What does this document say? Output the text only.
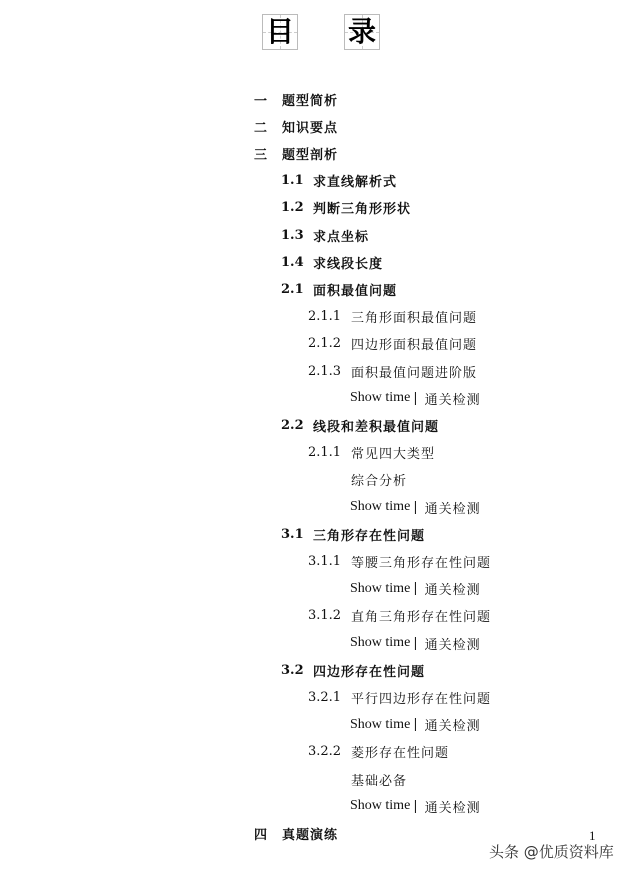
目 录
一	题型简析
二	知识要点
三	题型剖析
1.1 求直线解析式
1.2 判断三角形形状
1.3 求点坐标
1.4 求线段长度
2.1 面积最值问题
2.1.1 三角形面积最值问题
2.1.2 四边形面积最值问题
2.1.3 面积最值问题进阶版
Show time | 通关检测
2.2 线段和差积最值问题
2.1.1 常见四大类型
综合分析
Show time | 通关检测
3.1 三角形存在性问题
3.1.1 等腰三角形存在性问题
Show time | 通关检测
3.1.2 直角三角形存在性问题
Show time | 通关检测
3.2 四边形存在性问题
3.2.1 平行四边形存在性问题
Show time | 通关检测
3.2.2 菱形存在性问题
基础必备
Show time | 通关检测
四	真题演练	1
头条 @优质资料库
